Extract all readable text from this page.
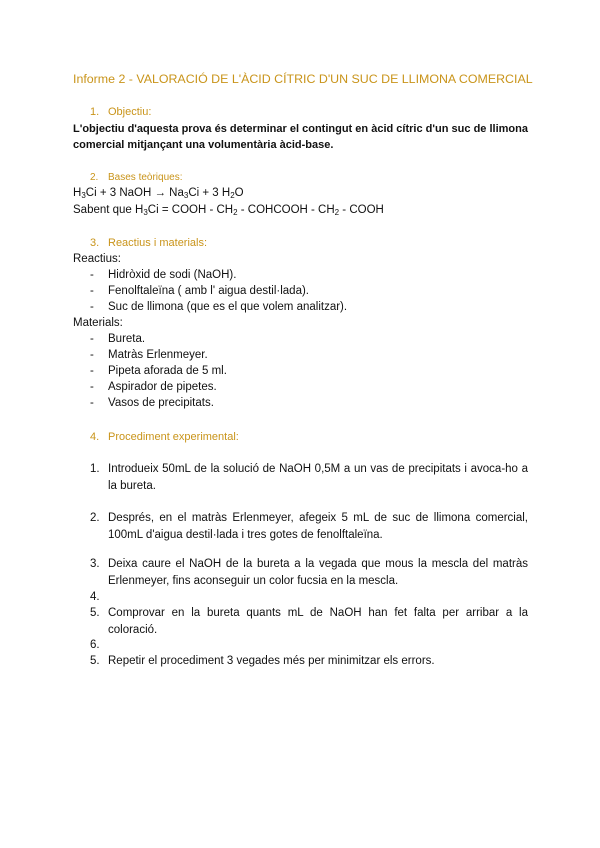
Informe 2 - VALORACIÓ DE L'ÀCID CÍTRIC D'UN SUC DE LLIMONA COMERCIAL
1. Objectiu:
L'objectiu d'aquesta prova és determinar el contingut en àcid cítric d'un suc de llimona comercial mitjançant una volumentària àcid-base.
2. Bases teòriques:
$H_3Ci + 3$ NaOH → $Na_3Ci + 3$ $H_2O$
Sabent que $H_3Ci$ = COOH - $CH_2$ - COHCOOH - $CH_2$ - COOH
3. Reactius i materials:
Reactius:
- Hidròxid de sodi (NaOH).
- Fenolftaleïna ( amb l' aigua destil·lada).
- Suc de llimona (que es el que volem analitzar).
Materials:
- Bureta.
- Matràs Erlenmeyer.
- Pipeta aforada de 5 ml.
- Aspirador de pipetes.
- Vasos de precipitats.
4. Procediment experimental:
1. Introdueix 50mL de la solució de NaOH 0,5M a un vas de precipitats i avoca-ho a la bureta.
2. Després, en el matràs Erlenmeyer, afegeix 5 mL de suc de llimona comercial, 100mL d'aigua destil·lada i tres gotes de fenolftaleïna.
3. Deixa caure el NaOH de la bureta a la vegada que mous la mescla del matràs Erlenmeyer, fins aconseguir un color fucsia en la mescla.
4.
5. Comprovar en la bureta quants mL de NaOH han fet falta per arribar a la coloració.
6.
5. Repetir el procediment 3 vegades més per minimitzar els errors.
